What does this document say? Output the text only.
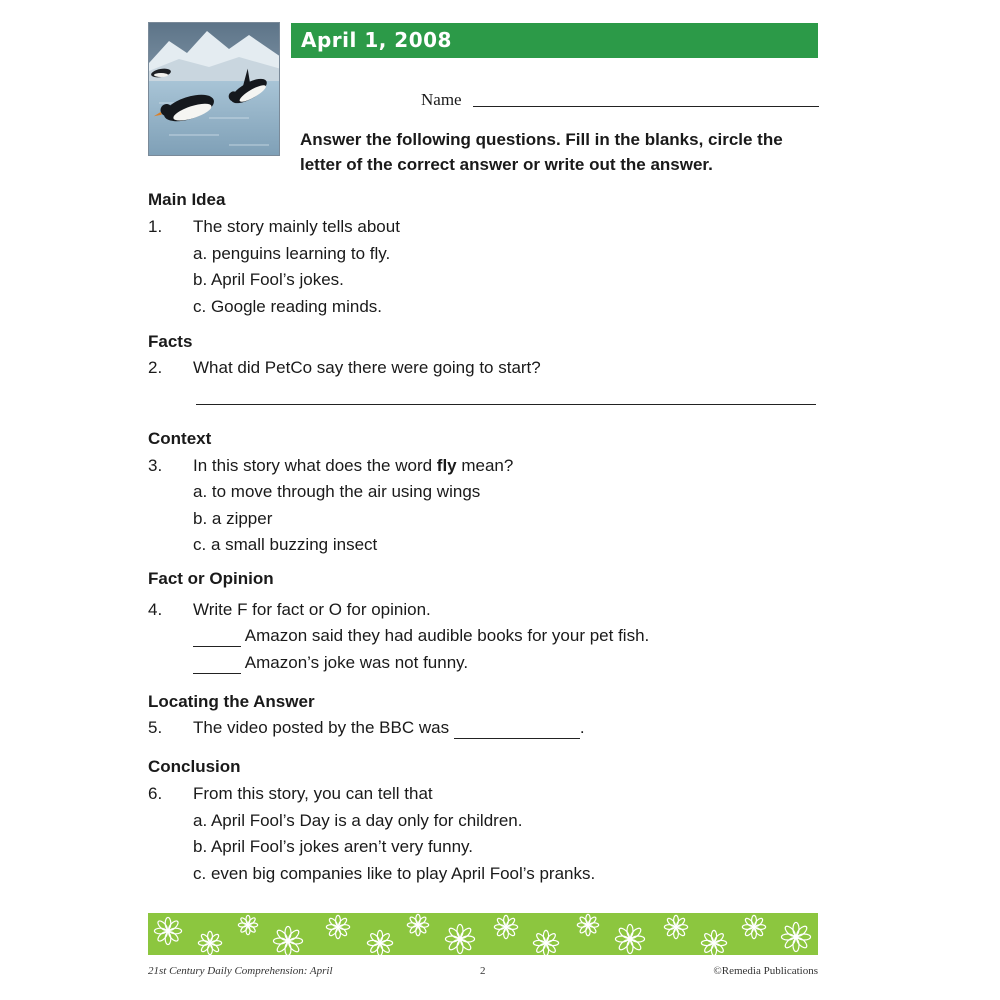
April 1, 2008
Name
Answer the following questions. Fill in the blanks, circle the letter of the correct answer or write out the answer.
Main Idea
1. The story mainly tells about
a. penguins learning to fly.
b. April Fool’s jokes.
c. Google reading minds.
Facts
2. What did PetCo say there were going to start?
Context
3. In this story what does the word fly mean?
a. to move through the air using wings
b. a zipper
c. a small buzzing insect
Fact or Opinion
4. Write F for fact or O for opinion.
Amazon said they had audible books for your pet fish.
Amazon’s joke was not funny.
Locating the Answer
5. The video posted by the BBC was	.
Conclusion
6. From this story, you can tell that
a. April Fool’s Day is a day only for children.
b. April Fool’s jokes aren’t very funny.
c. even big companies like to play April Fool’s pranks.
21st Century Daily Comprehension: April	2	©Remedia Publications
